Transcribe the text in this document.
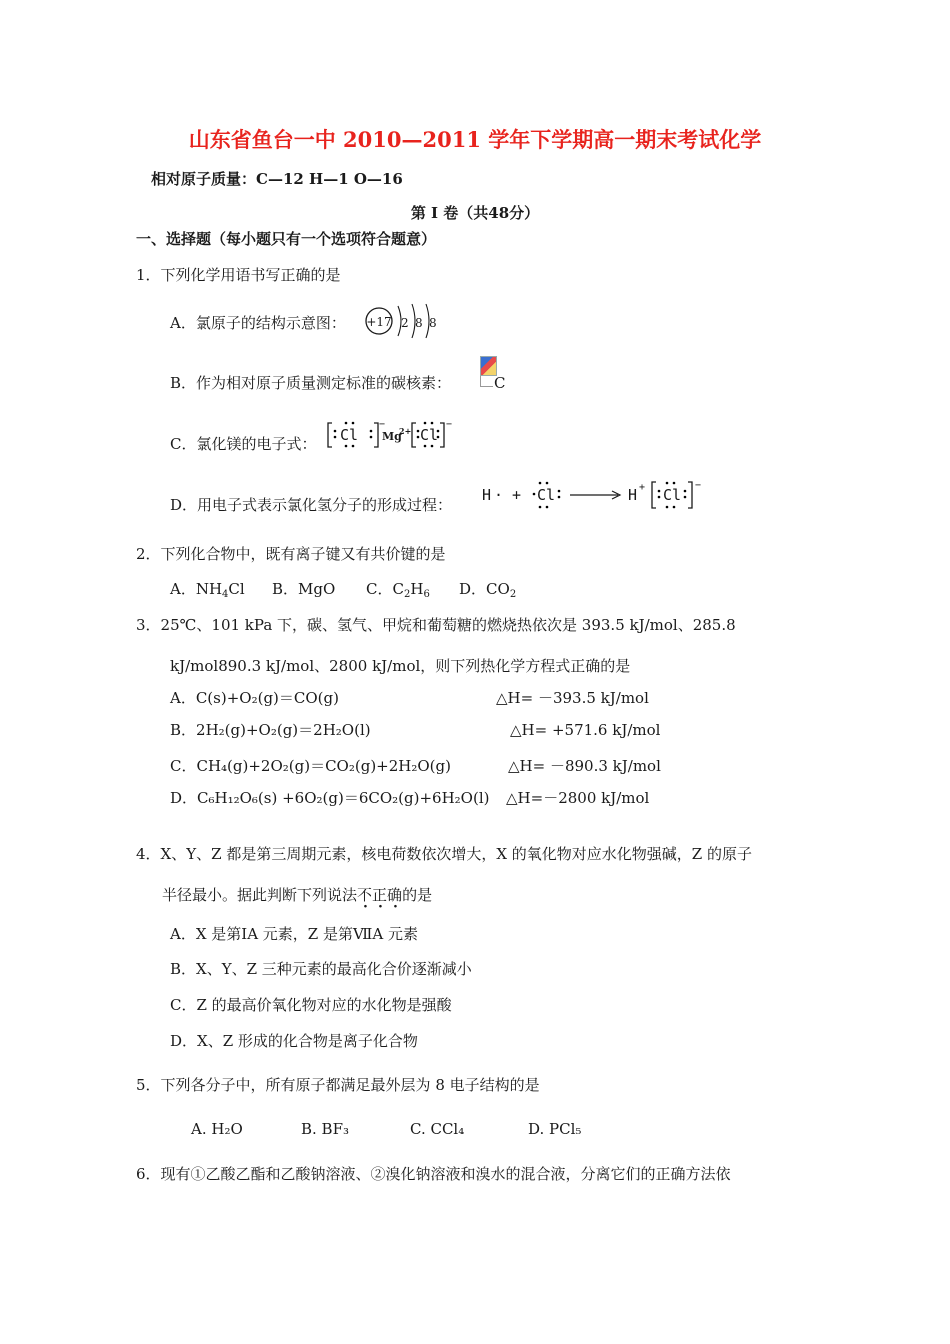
山东省鱼台一中 2010—2011 学年下学期高一期末考试化学
相对原子质量：C—12 H—1 O—16
第 I 卷（共48分）
一、选择题（每小题只有一个选项符合题意）
1．下列化学用语书写正确的是
A．氯原子的结构示意图： +17 2 8 8
B．作为相对原子质量测定标准的碳核素：	C
C．氯化镁的电子式： Cl
−
Mg
2+ Cl
−
D．用电子式表示氯化氢分子的形成过程：
H · + Cl	H + Cl
−
2．下列化合物中，既有离子键又有共价键的是
A．$NH_4Cl$ B．MgO C．$C_2H_6$ D．$CO_2$
3．25℃、101 kPa 下，碳、氢气、甲烷和葡萄糖的燃烧热依次是 393.5 kJ/mol、285.8
kJ/mol890.3 kJ/mol、2800 kJ/mol，则下列热化学方程式正确的是
A．C(s)+O₂(g)＝CO(g)	△H= －393.5 kJ/mol
B．2H₂(g)+O₂(g)＝2H₂O(l)	△H= +571.6 kJ/mol
C．CH₄(g)+2O₂(g)＝CO₂(g)+2H₂O(g)	△H= －890.3 kJ/mol
D．C₆H₁₂O₆(s) +6O₂(g)＝6CO₂(g)+6H₂O(l) △H=－2800 kJ/mol
4．X、Y、Z 都是第三周期元素，核电荷数依次增大，X 的氧化物对应水化物强碱，Z 的原子
半径最小。据此判断下列说法不正确的是
A．X 是第ⅠA 元素，Z 是第ⅦA 元素
B．X、Y、Z 三种元素的最高化合价逐渐减小
C．Z 的最高价氧化物对应的水化物是强酸
D．X、Z 形成的化合物是离子化合物
5．下列各分子中，所有原子都满足最外层为 8 电子结构的是
A. H₂O	B. BF₃	C. CCl₄	D. PCl₅
6．现有①乙酸乙酯和乙酸钠溶液、②溴化钠溶液和溴水的混合液，分离它们的正确方法依
